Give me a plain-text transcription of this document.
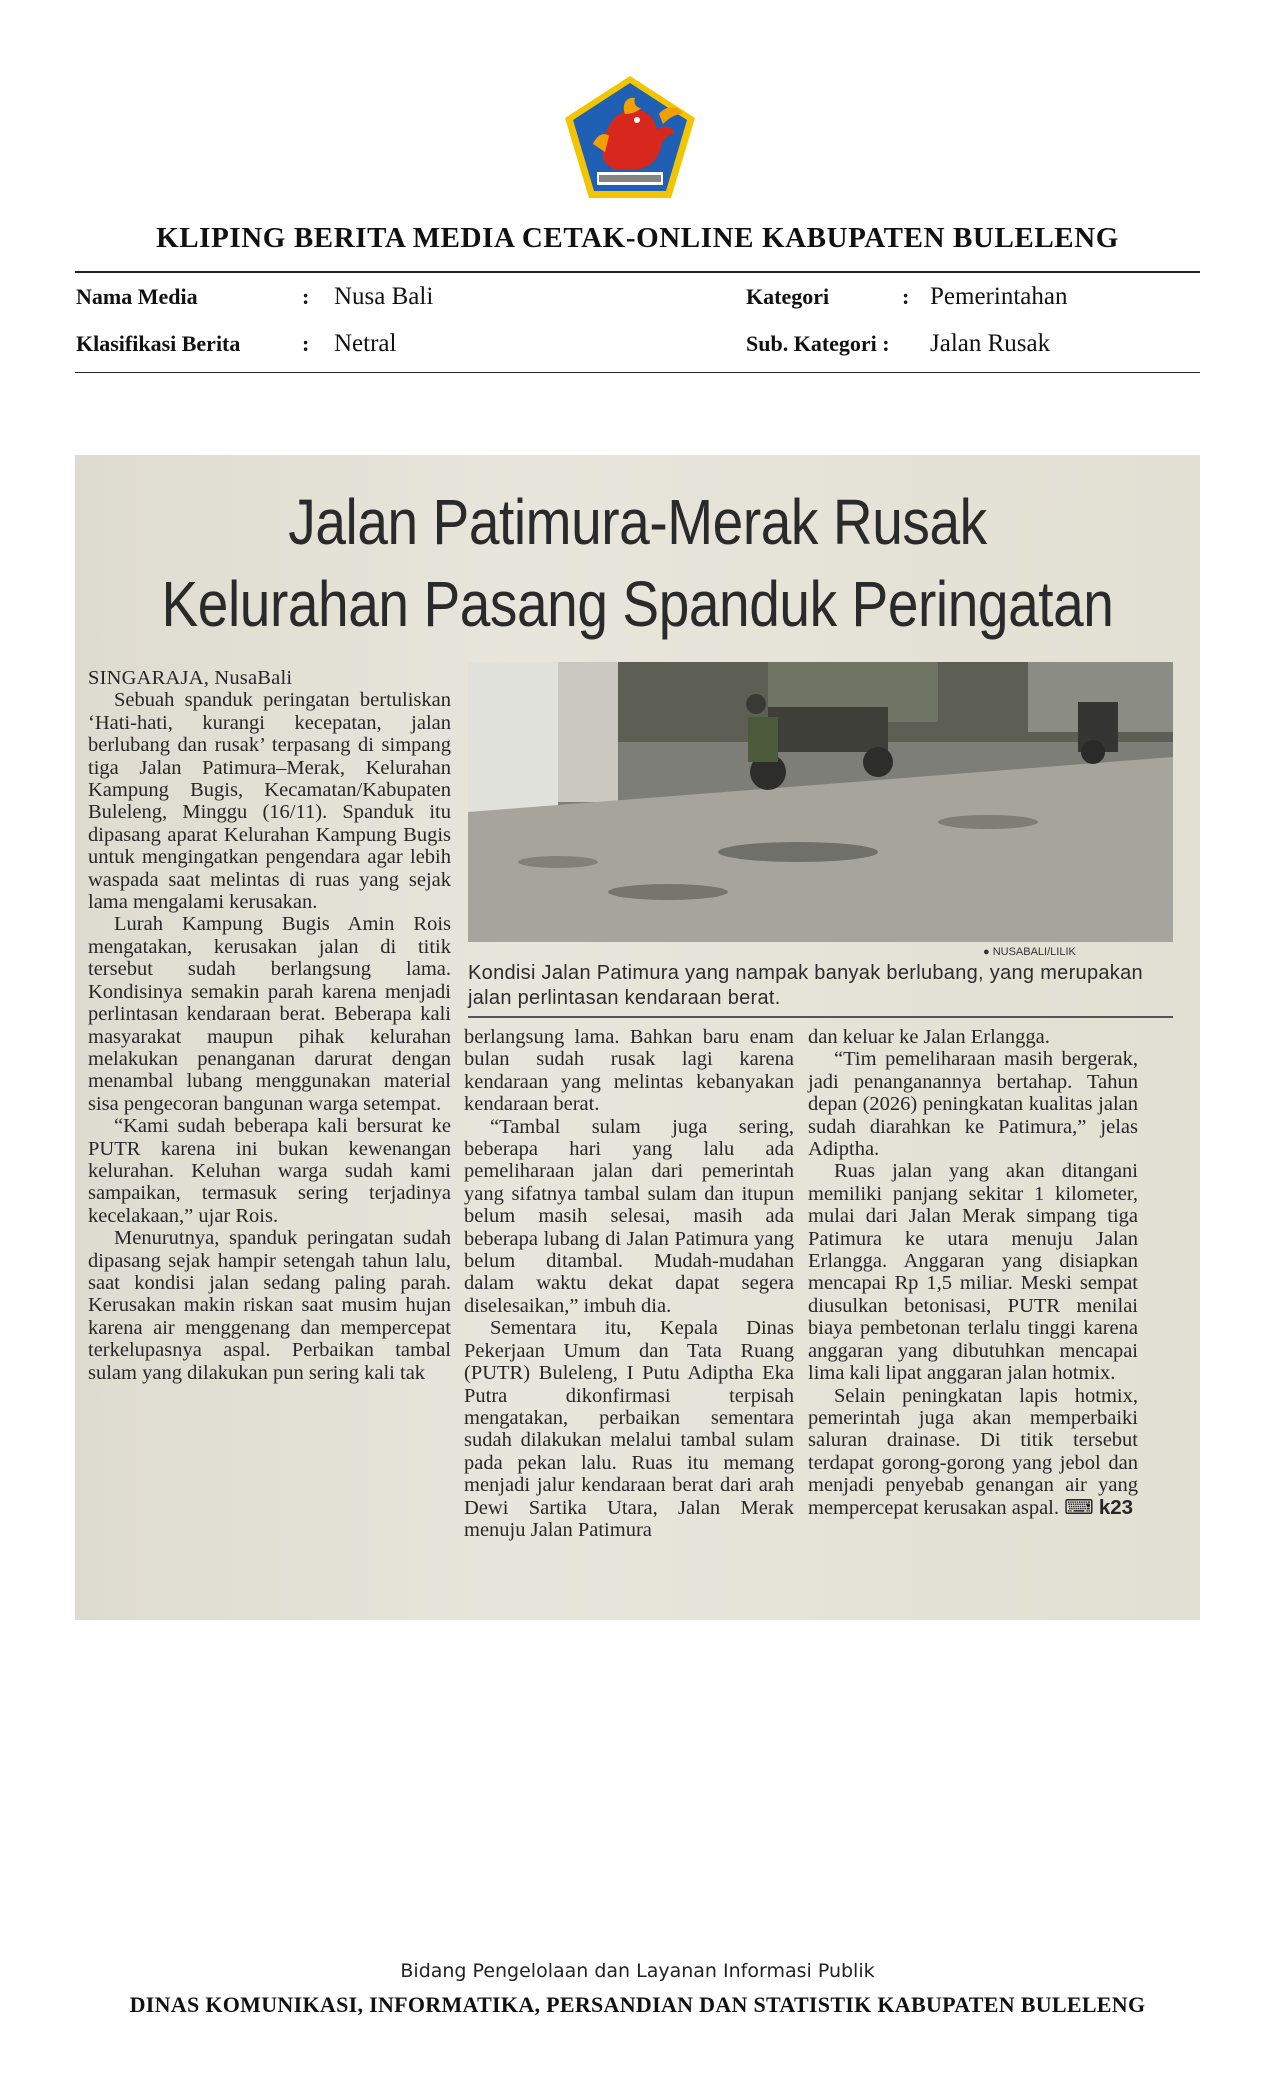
KLIPING BERITA MEDIA CETAK-ONLINE KABUPATEN BULELENG
Nama Media	: Nusa Bali
Klasifikasi Berita	: Netral
Kategori	: Pemerintahan
Sub. Kategori : Jalan Rusak
Jalan Patimura-Merak Rusak
Kelurahan Pasang Spanduk Peringatan
● NUSABALI/LILIK
Kondisi Jalan Patimura yang nampak banyak berlubang, yang merupakan jalan perlintasan kendaraan berat.

SINGARAJA, NusaBali

Sebuah spanduk peringatan bertuliskan ‘Hati-hati, kurangi kecepatan, jalan berlubang dan rusak’ terpasang di simpang tiga Jalan Patimura–Merak, Kelurahan Kampung Bugis, Kecamatan/Kabupaten Buleleng, Minggu (16/11). Spanduk itu dipasang aparat Kelurahan Kampung Bugis untuk mengingatkan pengendara agar lebih waspada saat melintas di ruas yang sejak lama mengalami kerusakan.

Lurah Kampung Bugis Amin Rois mengatakan, kerusakan jalan di titik tersebut sudah berlangsung lama. Kondisinya semakin parah karena menjadi perlintasan kendaraan berat. Beberapa kali masyarakat maupun pihak kelurahan melakukan penanganan darurat dengan menambal lubang menggunakan material sisa pengecoran bangunan warga setempat.

“Kami sudah beberapa kali bersurat ke PUTR karena ini bukan kewenangan kelurahan. Keluhan warga sudah kami sampaikan, termasuk sering terjadinya kecelakaan,” ujar Rois.

Menurutnya, spanduk peringatan sudah dipasang sejak hampir setengah tahun lalu, saat kondisi jalan sedang paling parah. Kerusakan makin riskan saat musim hujan karena air menggenang dan mempercepat terkelupasnya aspal. Perbaikan tambal sulam yang dilakukan pun sering kali tak

berlangsung lama. Bahkan baru enam bulan sudah rusak lagi karena kendaraan yang melintas kebanyakan kendaraan berat.

“Tambal sulam juga sering, beberapa hari yang lalu ada pemeliharaan jalan dari pemerintah yang sifatnya tambal sulam dan itupun belum masih selesai, masih ada beberapa lubang di Jalan Patimura yang belum ditambal. Mudah-mudahan dalam waktu dekat dapat segera diselesaikan,” imbuh dia.

Sementara itu, Kepala Dinas Pekerjaan Umum dan Tata Ruang (PUTR) Buleleng, I Putu Adiptha Eka Putra dikonfirmasi terpisah mengatakan, perbaikan sementara sudah dilakukan melalui tambal sulam pada pekan lalu. Ruas itu memang menjadi jalur kendaraan berat dari arah Dewi Sartika Utara, Jalan Merak menuju Jalan Patimura

dan keluar ke Jalan Erlangga.

“Tim pemeliharaan masih bergerak, jadi penanganannya bertahap. Tahun depan (2026) peningkatan kualitas jalan sudah diarahkan ke Patimura,” jelas Adiptha.

Ruas jalan yang akan ditangani memiliki panjang sekitar 1 kilometer, mulai dari Jalan Merak simpang tiga Patimura ke utara menuju Jalan Erlangga. Anggaran yang disiapkan mencapai Rp 1,5 miliar. Meski sempat diusulkan betonisasi, PUTR menilai biaya pembetonan terlalu tinggi karena anggaran yang dibutuhkan mencapai lima kali lipat anggaran jalan hotmix.

Selain peningkatan lapis hotmix, pemerintah juga akan memperbaiki saluran drainase. Di titik tersebut terdapat gorong-gorong yang jebol dan menjadi penyebab genangan air yang mempercepat kerusakan aspal. ⌨ k23

Bidang Pengelolaan dan Layanan Informasi Publik
DINAS KOMUNIKASI, INFORMATIKA, PERSANDIAN DAN STATISTIK KABUPATEN BULELENG
